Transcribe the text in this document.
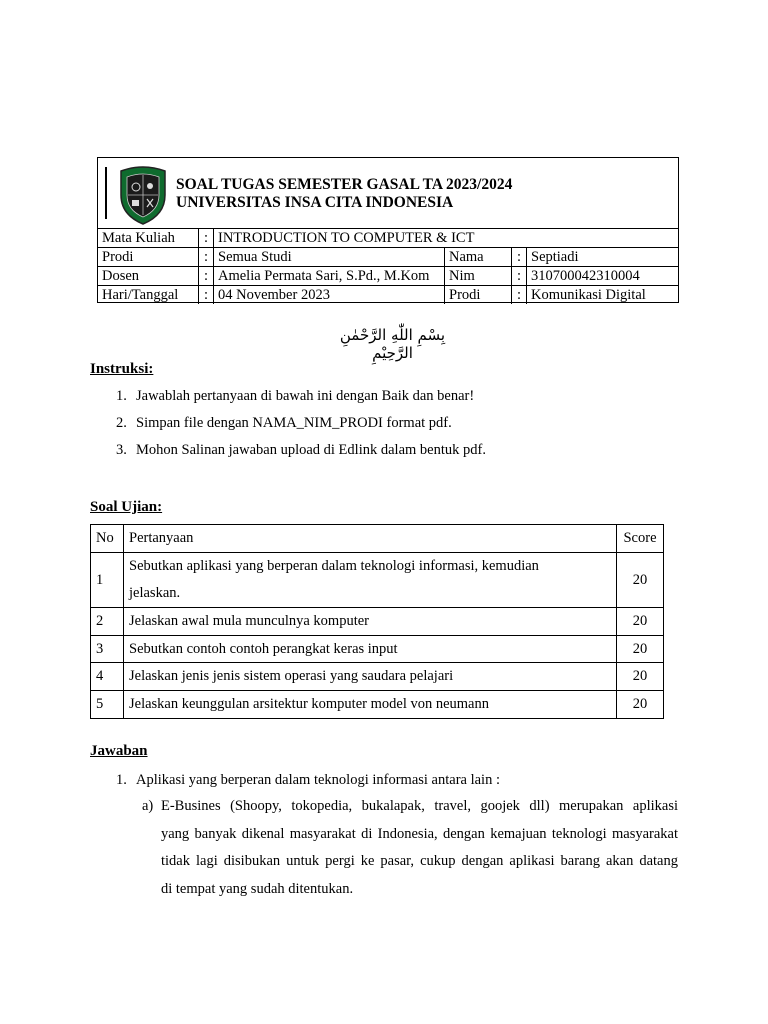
SOAL TUGAS SEMESTER GASAL TA 2023/2024
UNIVERSITAS INSA CITA INDONESIA
Mata Kuliah	:	INTRODUCTION TO COMPUTER & ICT			
Prodi	:	Semua Studi	Nama	:	Septiadi
Dosen	:	Amelia Permata Sari, S.Pd., M.Kom	Nim	:	310700042310004
Hari/Tanggal	:	04 November 2023	Prodi	:	Komunikasi Digital
بِسْمِ اللّٰهِ الرَّحْمٰنِ الرَّحِيْمِ
Instruksi:
1. Jawablah pertanyaan di bawah ini dengan Baik dan benar!
2. Simpan file dengan NAMA_NIM_PRODI format pdf.
3. Mohon Salinan jawaban upload di Edlink dalam bentuk pdf.
Soal Ujian:
No	Pertanyaan	Score
1	Sebutkan aplikasi yang berperan dalam teknologi informasi, kemudian
jelaskan.	20
2	Jelaskan awal mula munculnya komputer	20
3	Sebutkan contoh contoh perangkat keras input	20
4	Jelaskan jenis jenis sistem operasi yang saudara pelajari	20
5	Jelaskan keunggulan arsitektur komputer model von neumann	20
Jawaban
1. Aplikasi yang berperan dalam teknologi informasi antara lain :
a) E-Busines (Shoopy, tokopedia, bukalapak, travel, goojek dll) merupakan aplikasi
yang banyak dikenal masyarakat di Indonesia, dengan kemajuan teknologi masyarakat
tidak lagi disibukan untuk pergi ke pasar, cukup dengan aplikasi barang akan datang
di tempat yang sudah ditentukan.
